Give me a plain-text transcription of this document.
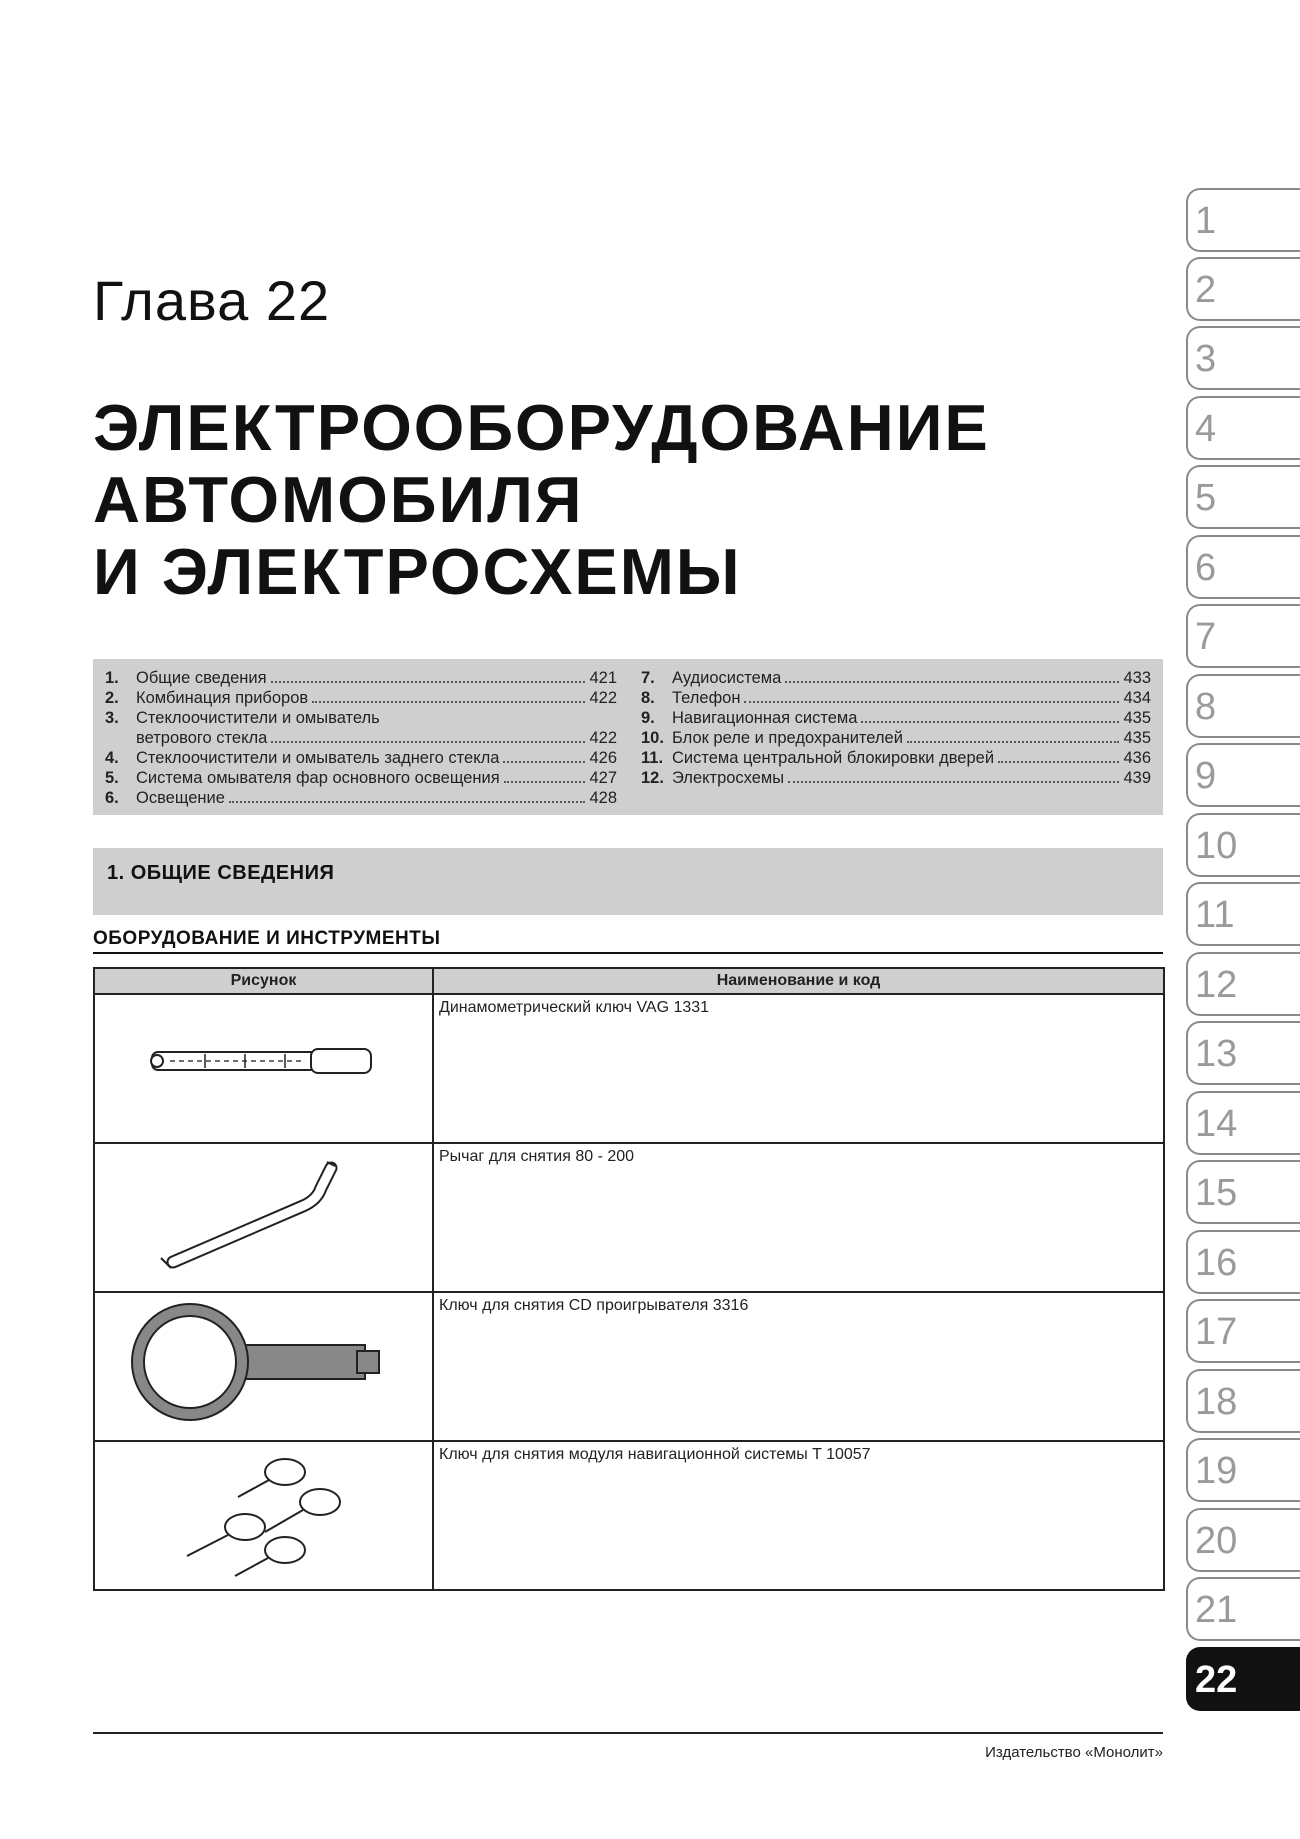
Глава 22
ЭЛЕКТРООБОРУДОВАНИЕ
АВТОМОБИЛЯ
И ЭЛЕКТРОСХЕМЫ
1.	Общие сведения	421
2.	Комбинация приборов	422
3.	Стеклоочистители и омыватель
ветрового стекла	422
4.	Стеклоочистители и омыватель заднего стекла	426
5.	Система омывателя фар основного освещения	427
6.	Освещение	428
7.	Аудиосистема	433
8.	Телефон	434
9.	Навигационная система	435
10. Блок реле и предохранителей	435
11. Система центральной блокировки дверей	436
12. Электросхемы	439
1. ОБЩИЕ СВЕДЕНИЯ
ОБОРУДОВАНИЕ И ИНСТРУМЕНТЫ
Рисунок	Наименование и код

	Динамометрический ключ VAG 1331

	Рычаг для снятия 80 - 200

	Ключ для снятия CD проигрывателя 3316

	Ключ для снятия модуля навигационной системы T 10057
1
2
3
4
5
6
7
8
9
10
11
12
13
14
15
16
17
18
19
20
21
22
Издательство «Монолит»
